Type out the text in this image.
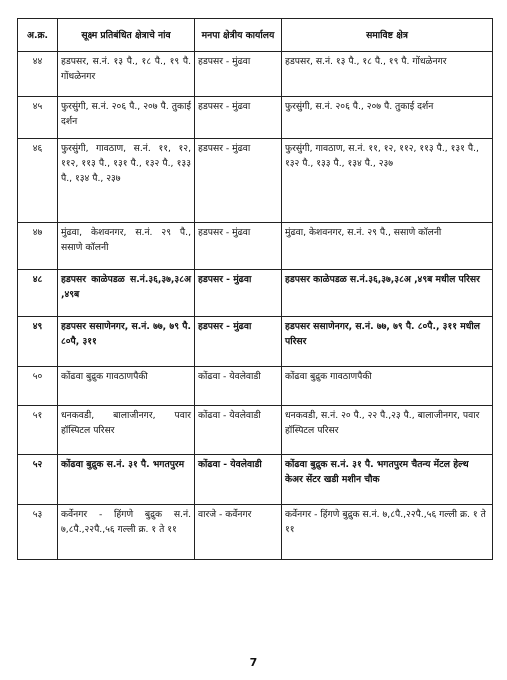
अ.क्र.	सूक्ष्म प्रतिबंधित क्षेत्राचे नांव	मनपा क्षेत्रीय कार्यालय	समाविष्ट क्षेत्र
४४	हडपसर, स.नं. १३ पै., १८ पै., १९ पै. गोंधळेनगर	हडपसर - मुंढवा	हडपसर, स.नं. १३ पै., १८ पै., १९ पै. गोंधळेनगर
४५	फुरसुंगी, स.नं. २०६ पै., २०७ पै. तुकाई दर्शन	हडपसर - मुंढवा	फुरसुंगी, स.नं. २०६ पै., २०७ पै. तुकाई दर्शन
४६	फुरसुंगी, गावठाण, स.नं. ११, १२, ११२, ११३ पै., १३१ पै., १३२ पै., १३३ पै., १३४ पै., २३७	हडपसर - मुंढवा	फुरसुंगी, गावठाण, स.नं. ११, १२, ११२, ११३ पै., १३१ पै., १३२ पै., १३३ पै., १३४ पै., २३७
४७	मुंढवा, केशवनगर, स.नं. २९ पै., ससाणे कॉलनी	हडपसर - मुंढवा	मुंढवा, केशवनगर, स.नं. २९ पै., ससाणे कॉलनी
४८	हडपसर काळेपडळ स.नं.३६,३७,३८अ ,४९ब	हडपसर - मुंढवा	हडपसर काळेपडळ स.नं.३६,३७,३८अ ,४९ब मधील परिसर
४९	हडपसर ससाणेनगर, स.नं. ७७, ७९ पै. ८०पै, ३११	हडपसर - मुंढवा	हडपसर ससाणेनगर, स.नं. ७७, ७९ पै. ८०पै., ३११ मधील परिसर
५०	कोंढवा बुद्रुक गावठाणपैकी	कोंढवा - येवलेवाडी	कोंढवा बुद्रुक गावठाणपैकी
५१	धनकवडी, बालाजीनगर, पवार हॉस्पिटल परिसर	कोंढवा - येवलेवाडी	धनकवडी, स.नं. २० पै., २२ पै.,२३ पै., बालाजीनगर, पवार हॉस्पिटल परिसर
५२	कोंढवा बुद्रुक स.नं. ३१ पै. भगतपुरम	कोंढवा - येवलेवाडी	कोंढवा बुद्रुक स.नं. ३१ पै. भगतपुरम चैतन्य मेंटल हेल्थ केअर सेंटर खडी मशीन चौक
५३	कर्वेनगर - हिंगणे बुद्रुक स.नं. ७,८पै.,२२पै.,५६ गल्ली क्र. १ ते ११	वारजे - कर्वेनगर	कर्वेनगर - हिंगणे बुद्रुक स.नं. ७,८पै.,२२पै.,५६ गल्ली क्र. १ ते ११
7
